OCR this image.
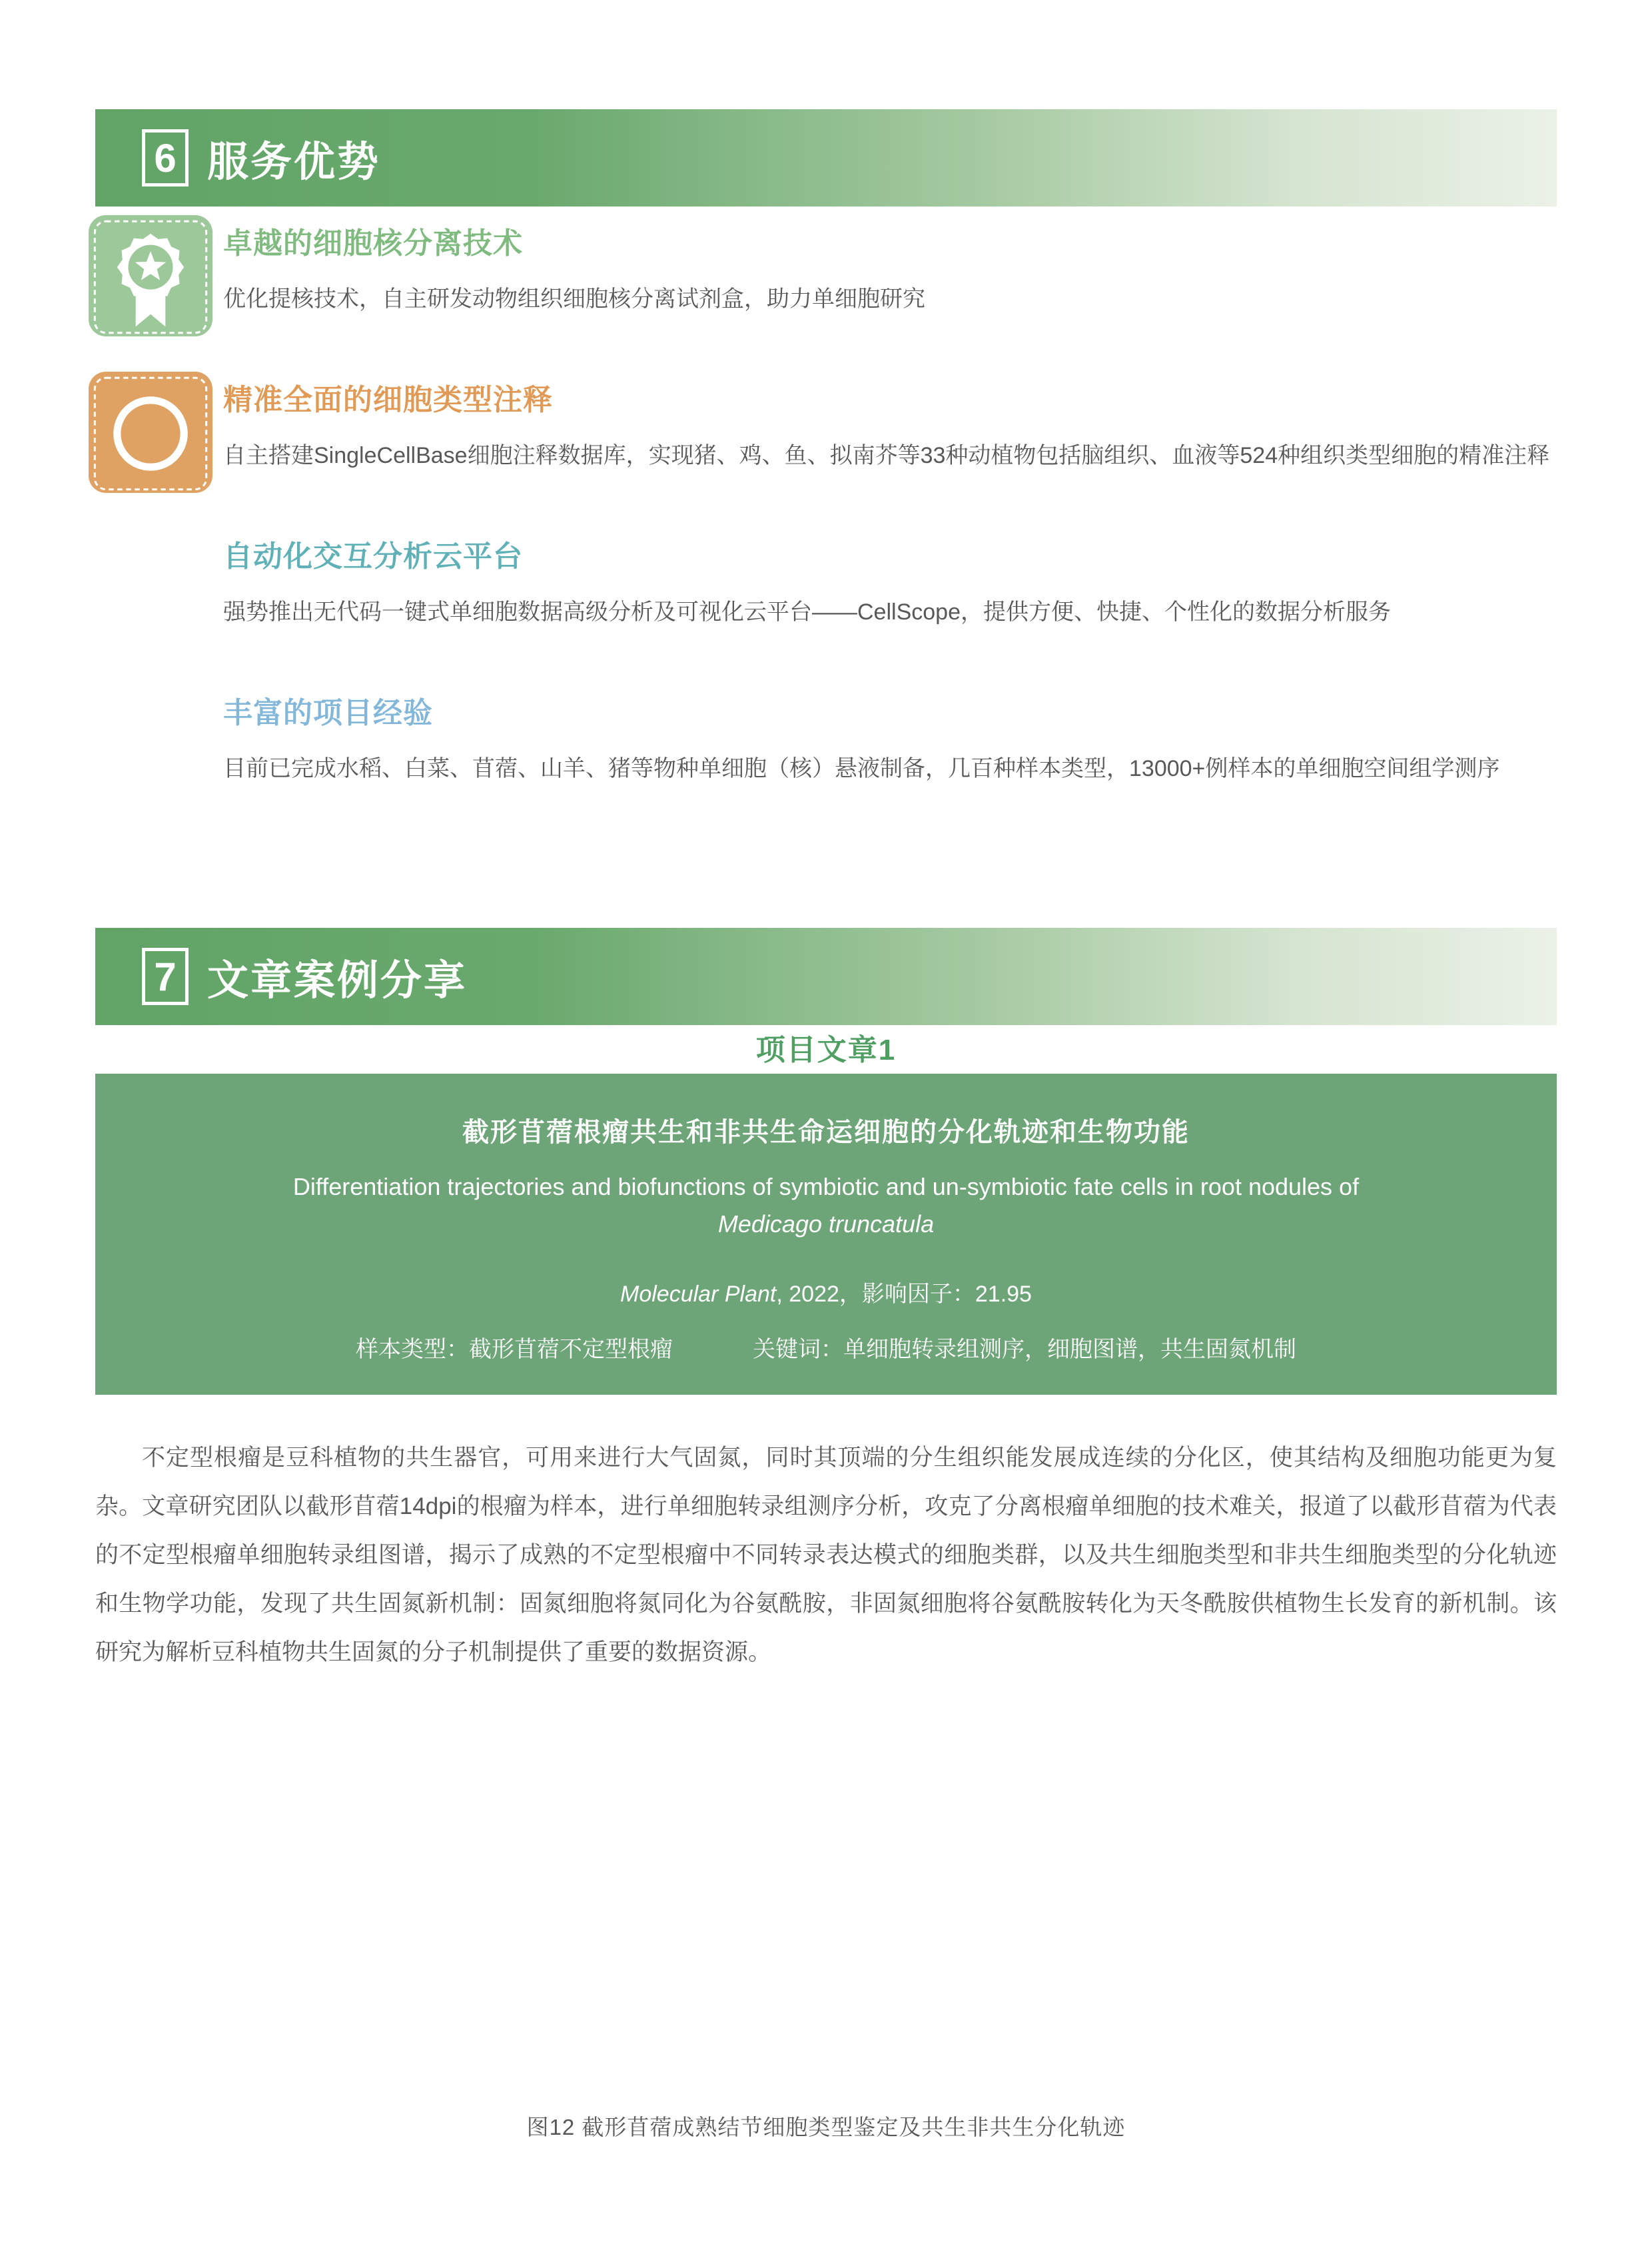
6 服务优势
卓越的细胞核分离技术
优化提核技术，自主研发动物组织细胞核分离试剂盒，助力单细胞研究
精准全面的细胞类型注释
自主搭建SingleCellBase细胞注释数据库，实现猪、鸡、鱼、拟南芥等33种动植物包括脑组织、血液等524种组织类型细胞的精准注释
自动化交互分析云平台
强势推出无代码一键式单细胞数据高级分析及可视化云平台——CellScope，提供方便、快捷、个性化的数据分析服务
丰富的项目经验
目前已完成水稻、白菜、苜蓿、山羊、猪等物种单细胞（核）悬液制备，几百种样本类型，13000+例样本的单细胞空间组学测序
7 文章案例分享
项目文章1
截形苜蓿根瘤共生和非共生命运细胞的分化轨迹和生物功能
Differentiation trajectories and biofunctions of symbiotic and un-symbiotic fate cells in root nodules of
Medicago truncatula
Molecular Plant, 2022，影响因子：21.95
样本类型：截形苜蓿不定型根瘤	关键词：单细胞转录组测序，细胞图谱，共生固氮机制
不定型根瘤是豆科植物的共生器官，可用来进行大气固氮，同时其顶端的分生组织能发展成连续的分化区，使其结构及细胞功能更为复杂。文章研究团队以截形苜蓿14dpi的根瘤为样本，进行单细胞转录组测序分析，攻克了分离根瘤单细胞的技术难关，报道了以截形苜蓿为代表的不定型根瘤单细胞转录组图谱，揭示了成熟的不定型根瘤中不同转录表达模式的细胞类群，以及共生细胞类型和非共生细胞类型的分化轨迹和生物学功能，发现了共生固氮新机制：固氮细胞将氮同化为谷氨酰胺，非固氮细胞将谷氨酰胺转化为天冬酰胺供植物生长发育的新机制。该研究为解析豆科植物共生固氮的分子机制提供了重要的数据资源。
图12 截形苜蓿成熟结节细胞类型鉴定及共生非共生分化轨迹
